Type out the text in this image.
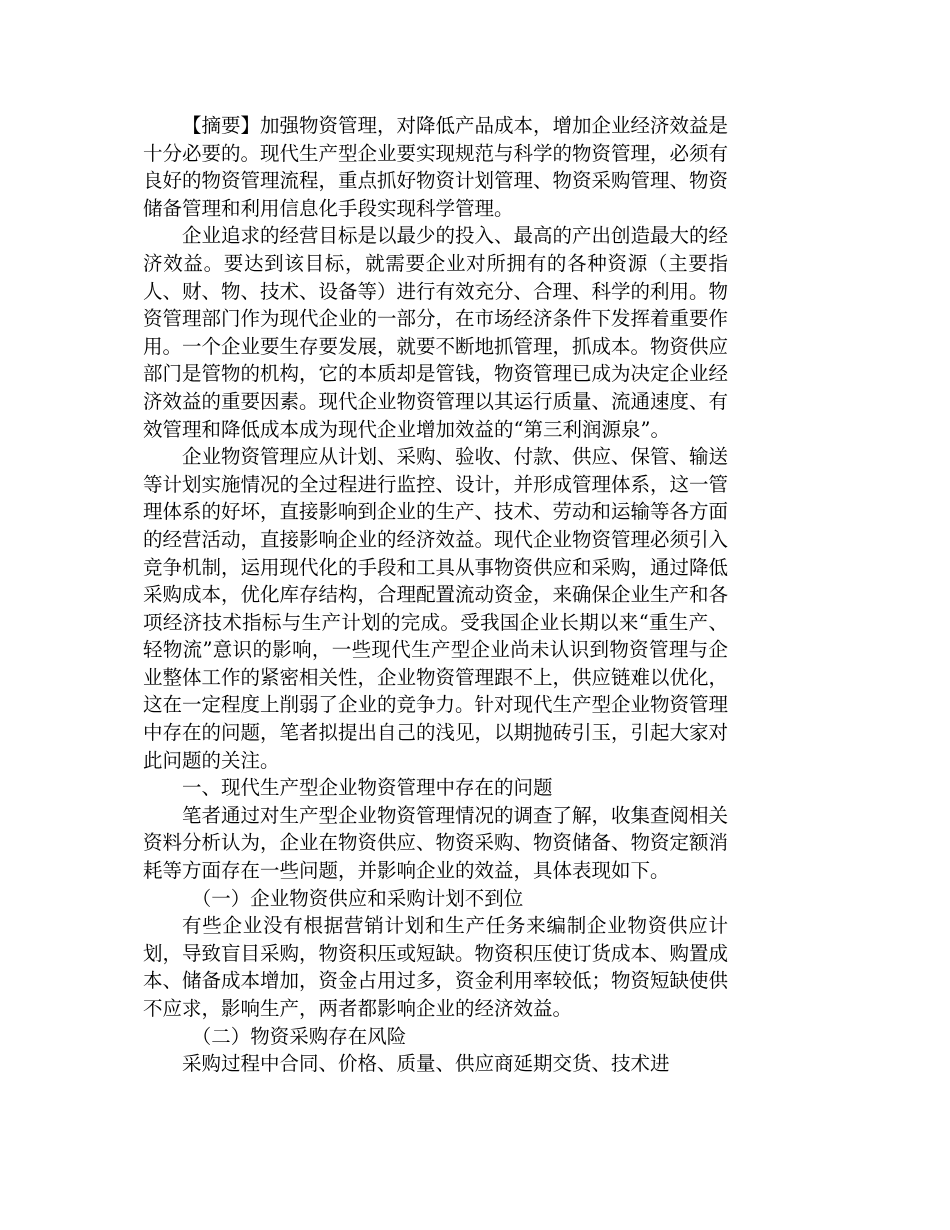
【摘要】加强物资管理，对降低产品成本，增加企业经济效益是十分必要的。现代生产型企业要实现规范与科学的物资管理，必须有良好的物资管理流程，重点抓好物资计划管理、物资采购管理、物资储备管理和利用信息化手段实现科学管理。

企业追求的经营目标是以最少的投入、最高的产出创造最大的经济效益。要达到该目标，就需要企业对所拥有的各种资源（主要指人、财、物、技术、设备等）进行有效充分、合理、科学的利用。物资管理部门作为现代企业的一部分，在市场经济条件下发挥着重要作用。一个企业要生存要发展，就要不断地抓管理，抓成本。物资供应部门是管物的机构，它的本质却是管钱，物资管理已成为决定企业经济效益的重要因素。现代企业物资管理以其运行质量、流通速度、有效管理和降低成本成为现代企业增加效益的“第三利润源泉”。

企业物资管理应从计划、采购、验收、付款、供应、保管、输送等计划实施情况的全过程进行监控、设计，并形成管理体系，这一管理体系的好坏，直接影响到企业的生产、技术、劳动和运输等各方面的经营活动，直接影响企业的经济效益。现代企业物资管理必须引入竞争机制，运用现代化的手段和工具从事物资供应和采购，通过降低采购成本，优化库存结构，合理配置流动资金，来确保企业生产和各项经济技术指标与生产计划的完成。受我国企业长期以来“重生产、轻物流”意识的影响，一些现代生产型企业尚未认识到物资管理与企业整体工作的紧密相关性，企业物资管理跟不上，供应链难以优化，这在一定程度上削弱了企业的竞争力。针对现代生产型企业物资管理中存在的问题，笔者拟提出自己的浅见，以期抛砖引玉，引起大家对此问题的关注。

一、现代生产型企业物资管理中存在的问题

笔者通过对生产型企业物资管理情况的调查了解，收集查阅相关资料分析认为，企业在物资供应、物资采购、物资储备、物资定额消耗等方面存在一些问题，并影响企业的效益，具体表现如下。

（一）企业物资供应和采购计划不到位

有些企业没有根据营销计划和生产任务来编制企业物资供应计划，导致盲目采购，物资积压或短缺。物资积压使订货成本、购置成本、储备成本增加，资金占用过多，资金利用率较低；物资短缺使供不应求，影响生产，两者都影响企业的经济效益。

（二）物资采购存在风险

采购过程中合同、价格、质量、供应商延期交货、技术进
